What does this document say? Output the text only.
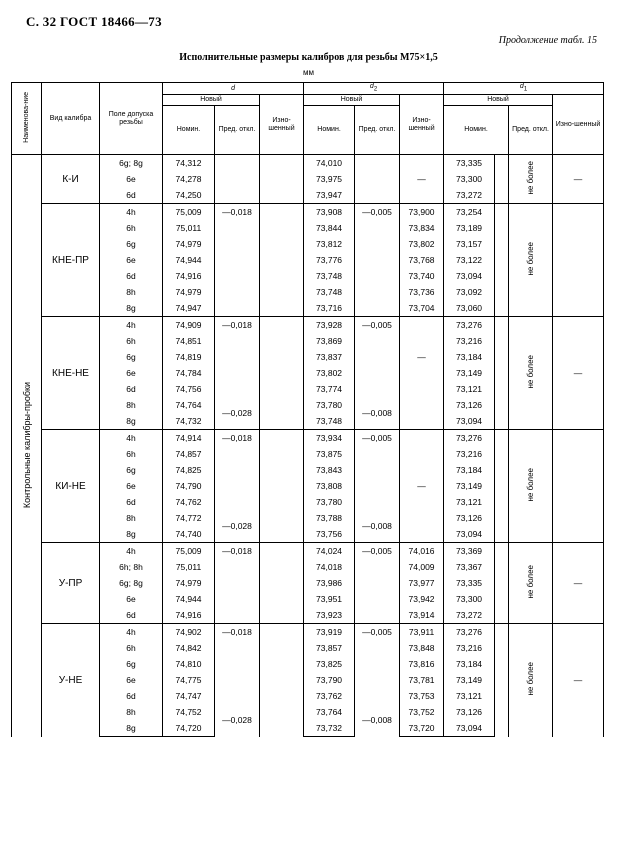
С. 32 ГОСТ 18466—73
Продолжение табл. 15
Исполнительные размеры калибров для резьбы М75×1,5
мм
Наименова-ние	Вид калибра	Поле допуска резьбы	d			d2			d1			
			Новый		Изно-шенный	Новый		Изно-шенный	Новый			Изно-шенный
			Номин.	Пред. откл.		Номин.	Пред. откл.		Номин.		Пред. откл.	
Контрольные калибры-пробки	К-И	6g; 8g	74,312			74,010			73,335		не более	—
		6e	74,278			73,975		—	73,300			
		6d	74,250			73,947			73,272			
	КНЕ-ПР	4h	75,009	—0,018		73,908	—0,005	73,900	73,254		не более	
		6h	75,011			73,844		73,834	73,189			
		6g	74,979			73,812		73,802	73,157			
		6e	74,944			73,776		73,768	73,122			
		6d	74,916			73,748		73,740	73,094			
		8h	74,979			73,748		73,736	73,092			
		8g	74,947			73,716		73,704	73,060			
	КНЕ-НЕ	4h	74,909	—0,018		73,928	—0,005		73,276		не более	—
		6h	74,851			73,869			73,216			
		6g	74,819			73,837		—	73,184			
		6e	74,784			73,802			73,149			
		6d	74,756			73,774			73,121			
		8h	74,764	—0,028		73,780	—0,008		73,126			
		8g	74,732			73,748			73,094			
	КИ-НЕ	4h	74,914	—0,018		73,934	—0,005		73,276		не более	
		6h	74,857			73,875			73,216			
		6g	74,825			73,843			73,184			
		6e	74,790			73,808		—	73,149			
		6d	74,762			73,780			73,121			
		8h	74,772	—0,028		73,788	—0,008		73,126			
		8g	74,740			73,756			73,094			
	У-ПР	4h	75,009	—0,018		74,024	—0,005	74,016	73,369		не более	—
		6h; 8h	75,011			74,018		74,009	73,367			
		6g; 8g	74,979			73,986		73,977	73,335			
		6e	74,944			73,951		73,942	73,300			
		6d	74,916			73,923		73,914	73,272			
	У-НЕ	4h	74,902	—0,018		73,919	—0,005	73,911	73,276		не более	—
		6h	74,842			73,857		73,848	73,216			
		6g	74,810			73,825		73,816	73,184			
		6e	74,775			73,790		73,781	73,149			
		6d	74,747			73,762		73,753	73,121			
		8h	74,752	—0,028		73,764	—0,008	73,752	73,126			
		8g	74,720			73,732		73,720	73,094			
